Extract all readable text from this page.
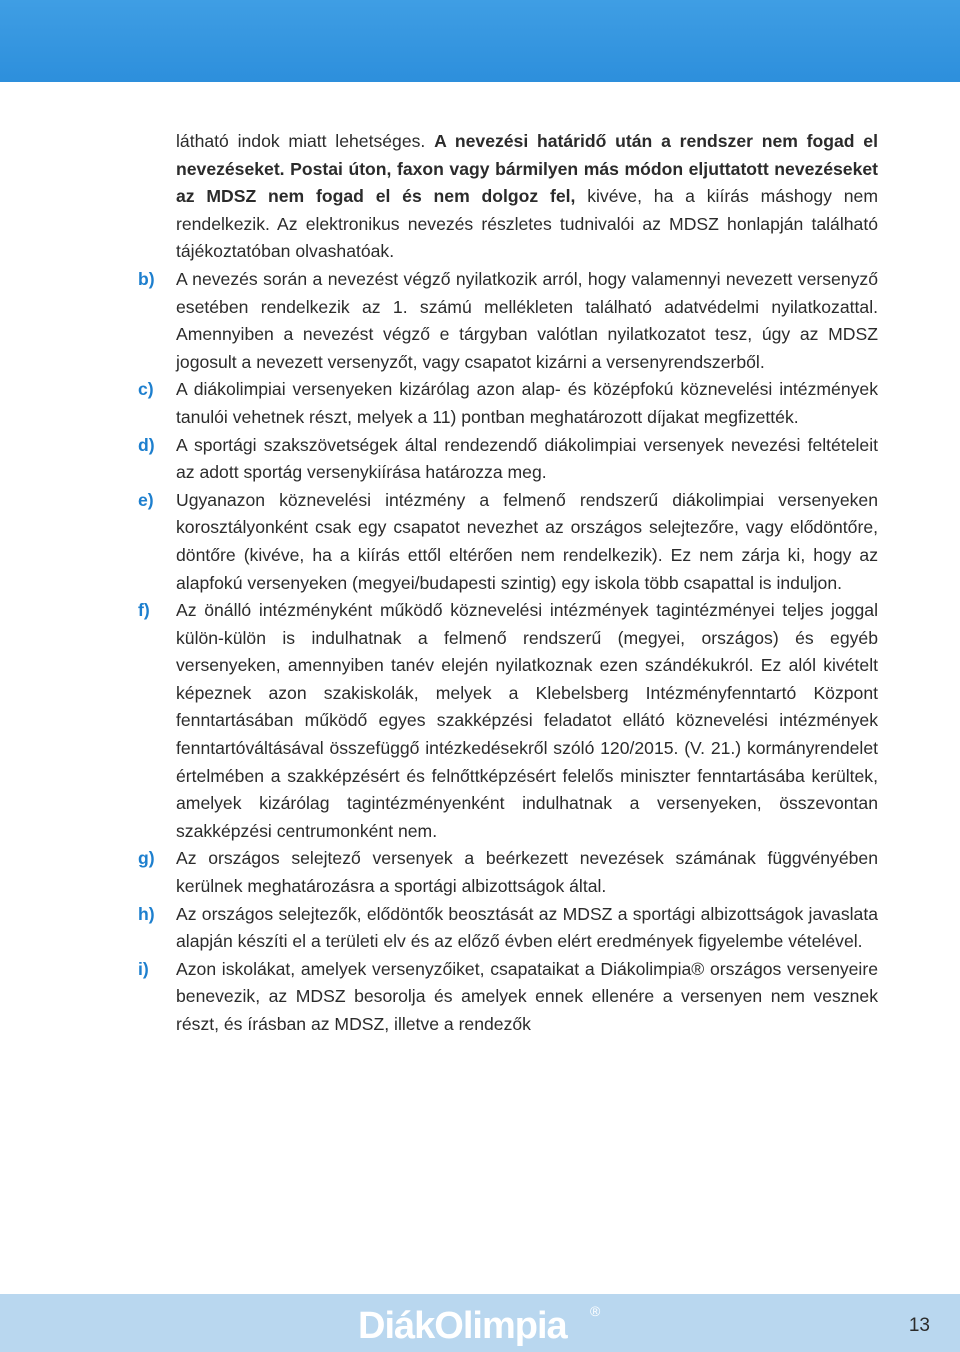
látható indok miatt lehetséges. A nevezési határidő után a rendszer nem fogad el nevezéseket. Postai úton, faxon vagy bármilyen más módon eljuttatott nevezéseket az MDSZ nem fogad el és nem dolgoz fel, kivéve, ha a kiírás máshogy nem rendelkezik. Az elektronikus nevezés részletes tudnivalói az MDSZ honlapján található tájékoztatóban olvashatóak.

b) A nevezés során a nevezést végző nyilatkozik arról, hogy valamennyi nevezett versenyző esetében rendelkezik az 1. számú mellékleten található adatvédelmi nyilatkozattal. Amennyiben a nevezést végző e tárgyban valótlan nyilatkozatot tesz, úgy az MDSZ jogosult a nevezett versenyzőt, vagy csapatot kizárni a versenyrendszerből.
c) A diákolimpiai versenyeken kizárólag azon alap- és középfokú köznevelési intézmények tanulói vehetnek részt, melyek a 11) pontban meghatározott díjakat megfizették.
d) A sportági szakszövetségek által rendezendő diákolimpiai versenyek nevezési feltételeit az adott sportág versenykiírása határozza meg.
e) Ugyanazon köznevelési intézmény a felmenő rendszerű diákolimpiai versenyeken korosztályonként csak egy csapatot nevezhet az országos selejtezőre, vagy elődöntőre, döntőre (kivéve, ha a kiírás ettől eltérően nem rendelkezik). Ez nem zárja ki, hogy az alapfokú versenyeken (megyei/budapesti szintig) egy iskola több csapattal is induljon.
f) Az önálló intézményként működő köznevelési intézmények tagintézményei teljes joggal külön-külön is indulhatnak a felmenő rendszerű (megyei, országos) és egyéb versenyeken, amennyiben tanév elején nyilatkoznak ezen szándékukról. Ez alól kivételt képeznek azon szakiskolák, melyek a Klebelsberg Intézményfenntartó Központ fenntartásában működő egyes szakképzési feladatot ellátó köznevelési intézmények fenntartóváltásával összefüggő intézkedésekről szóló 120/2015. (V. 21.) kormányrendelet értelmében a szakképzésért és felnőttképzésért felelős miniszter fenntartásába kerültek, amelyek kizárólag tagintézményenként indulhatnak a versenyeken, összevontan szakképzési centrumonként nem.
g) Az országos selejtező versenyek a beérkezett nevezések számának függvényében kerülnek meghatározásra a sportági albizottságok által.
h) Az országos selejtezők, elődöntők beosztását az MDSZ a sportági albizottságok javaslata alapján készíti el a területi elv és az előző évben elért eredmények figyelembe vételével.
i) Azon iskolákat, amelyek versenyzőiket, csapataikat a Diákolimpia® országos versenyeire benevezik, az MDSZ besorolja és amelyek ennek ellenére a versenyen nem vesznek részt, és írásban az MDSZ, illetve a rendezők
DiákOlimpia ®
13
